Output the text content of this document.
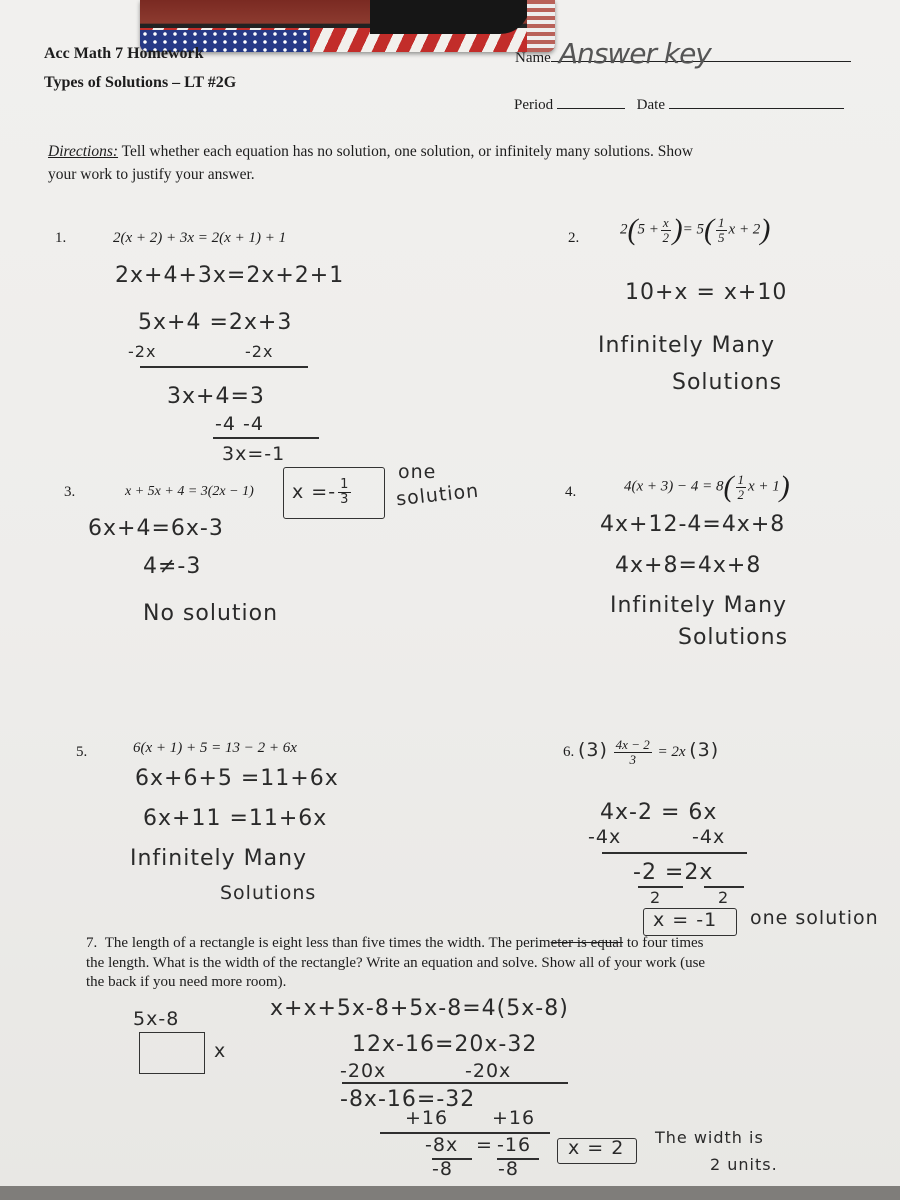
Acc Math 7 Homework
Types of Solutions – LT #2G
Name Answer key
Period	Date
Directions: Tell whether each equation has no solution, one solution, or infinitely many solutions. Show
your work to justify your answer.
1.	2(x + 2) + 3x = 2(x + 1) + 1
2x+4+3x=2x+2+1
5x+4 =2x+3
-2x	-2x
3x+4=3
-4 -4
3x=-1
$x =- \frac{1}{3}$
one
solution
2.
$2(5 + \frac{x}{2}$ )= $5( \frac{1}{5}$ x + 2)
10+x = x+10
Infinitely Many
Solutions
3.	x + 5x + 4 = 3(2x − 1)
6x+4=6x-3
4≠-3
No solution
4.	$4(x + 3) - 4 = 8( \frac{1}{2}$ x + 1)
4x+12-4=4x+8
4x+8=4x+8
Infinitely Many
Solutions
5.	6(x + 1) + 5 = 13 − 2 + 6x
6x+6+5 =11+6x
6x+11 =11+6x
Infinitely Many
Solutions
6. $(3) \frac{4x - 2}{3} = 2x$ (3)
4x-2 = 6x
-4x	-4x
-2 =2x
2	2
x = -1 one solution
7. The length of a rectangle is eight less than five times the width. The perimeter is equal to four times
the length. What is the width of the rectangle? Write an equation and solve. Show all of your work (use
the back if you need more room).
5x-8
x
x+x+5x-8+5x-8=4(5x-8)
12x-16=20x-32
-20x	-20x
-8x-16=-32
+16 +16
-8x = -16
-8 -8
x = 2 The width is
2 units.
